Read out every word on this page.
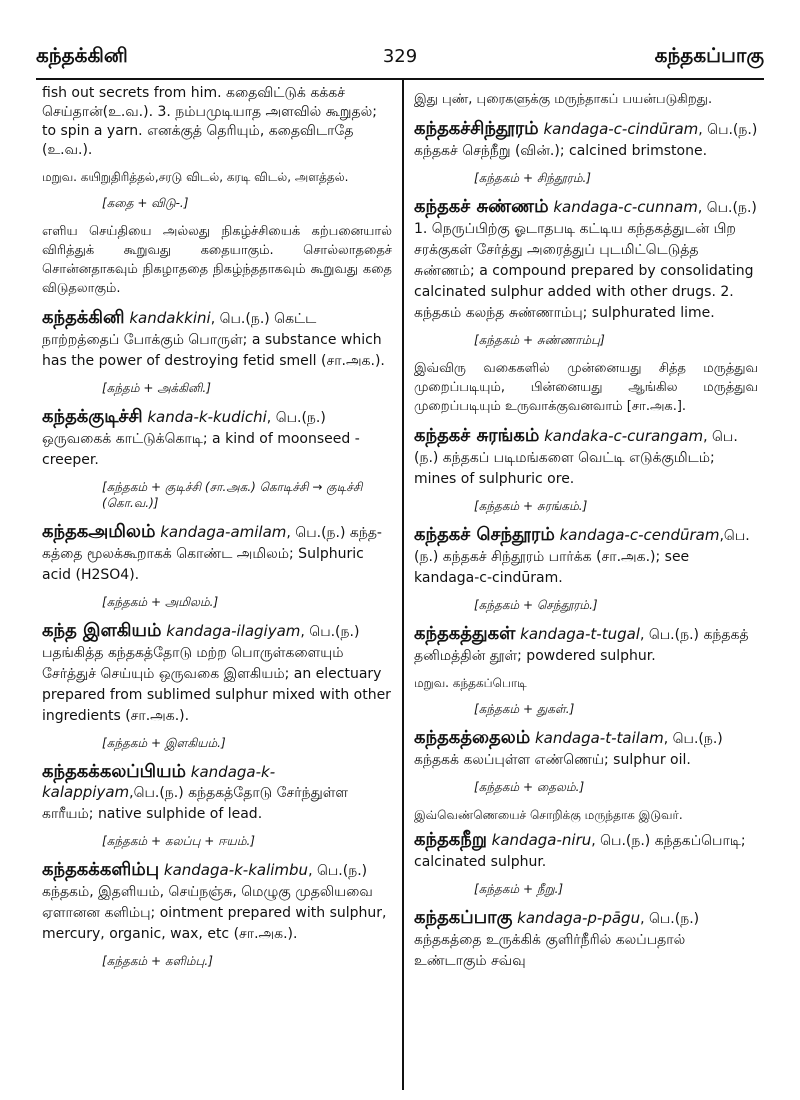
கந்தக்கினி	329	கந்தகப்பாகு
fish out secrets from him. கதைவிட்டுக் கக்கச் செய்தான்(உ.வ.). 3. நம்பமுடியாத அளவில் கூறுதல்; to spin a yarn. எனக்குத் தெரியும், கதைவிடாதே (உ.வ.).
மறுவ. கயிறுதிரித்தல்,சரடு விடல், கரடி விடல், அளத்தல்.
[கதை + விடு-.]
எளிய செய்தியை அல்லது நிகழ்ச்சியைக் கற்பனையால் விரித்துக் கூறுவது கதையாகும். சொல்லாததைச் சொன்னதாகவும் நிகழாததை நிகழ்ந்ததாகவும் கூறுவது கதை விடுதலாகும்.
கந்தக்கினி kandakkini, பெ.(ந.) கெட்ட நாற்றத்தைப் போக்கும் பொருள்; a substance which has the power of destroying fetid smell (சா.அக.).
[கந்தம் + அக்கினி.]
கந்தக்குடிச்சி kanda-k-kudichi, பெ.(ந.) ஒருவகைக் காட்டுக்கொடி; a kind of moonseed - creeper.
[கந்தகம் + குடிச்சி (சா.அக.) கொடிச்சி → குடிச்சி (கொ.வ.)]
கந்தகஅமிலம் kandaga-amilam, பெ.(ந.) கந்த-கத்தை மூலக்கூறாகக் கொண்ட அமிலம்; Sulphuric acid (H2SO4).
[கந்தகம் + அமிலம்.]
கந்த இளகியம் kandaga-ilagiyam, பெ.(ந.) பதங்கித்த கந்தகத்தோடு மற்ற பொருள்களையும் சேர்த்துச் செய்யும் ஒருவகை இளகியம்; an electuary prepared from sublimed sulphur mixed with other ingredients (சா.அக.).
[கந்தகம் + இளகியம்.]
கந்தகக்கலப்பியம் kandaga-k-kalappiyam,பெ.(ந.) கந்தகத்தோடு சேர்ந்துள்ள காரீயம்; native sulphide of lead.
[கந்தகம் + கலப்பு + ஈயம்.]
கந்தகக்களிம்பு kandaga-k-kalimbu, பெ.(ந.) கந்தகம், இதளியம், செய்நஞ்சு, மெழுகு முதலியவை ஏளானன களிம்பு; ointment prepared with sulphur, mercury, organic, wax, etc (சா.அக.).
[கந்தகம் + களிம்பு.]
இது புண், புரைகளுக்கு மருந்தாகப் பயன்படுகிறது.
கந்தகச்சிந்தூரம் kandaga-c-cindūram, பெ.(ந.) கந்தகச் செந்நீறு (வின்.); calcined brimstone.
[கந்தகம் + சிந்தூரம்.]
கந்தகச் சுண்ணம் kandaga-c-cunnam, பெ.(ந.) 1. நெருப்பிற்கு ஓடாதபடி கட்டிய கந்தகத்துடன் பிற சரக்குகள் சேர்த்து அரைத்துப் புடமிட்டெடுத்த சுண்ணம்; a compound prepared by consolidating calcinated sulphur added with other drugs. 2. கந்தகம் கலந்த சுண்ணாம்பு; sulphurated lime.
[கந்தகம் + சுண்ணாம்பு]
இவ்விரு வகைகளில் முன்னையது சித்த மருத்துவ முறைப்படியும், பின்னையது ஆங்கில மருத்துவ முறைப்படியும் உருவாக்குவனவாம் [சா.அக.].
கந்தகச் சுரங்கம் kandaka-c-curangam, பெ.(ந.) கந்தகப் படிமங்களை வெட்டி எடுக்குமிடம்; mines of sulphuric ore.
[கந்தகம் + சுரங்கம்.]
கந்தகச் செந்தூரம் kandaga-c-cendūram,பெ.(ந.) கந்தகச் சிந்தூரம் பார்க்க (சா.அக.); see kandaga-c-cindūram.
[கந்தகம் + செந்தூரம்.]
கந்தகத்துகள் kandaga-t-tugal, பெ.(ந.) கந்தகத் தனிமத்தின் தூள்; powdered sulphur.
மறுவ. கந்தகப்பொடி
[கந்தகம் + துகள்.]
கந்தகத்தைலம் kandaga-t-tailam, பெ.(ந.) கந்தகக் கலப்புள்ள எண்ணெய்; sulphur oil.
[கந்தகம் + தைலம்.]
இவ்வெண்ணெயைச் சொறிக்கு மருந்தாக இடுவர்.
கந்தகநீறு kandaga-niru, பெ.(ந.) கந்தகப்பொடி; calcinated sulphur.
[கந்தகம் + நீறு.]
கந்தகப்பாகு kandaga-p-pāgu, பெ.(ந.) கந்தகத்தை உருக்கிக் குளிர்நீரில் கலப்பதால் உண்டாகும் சவ்வு
